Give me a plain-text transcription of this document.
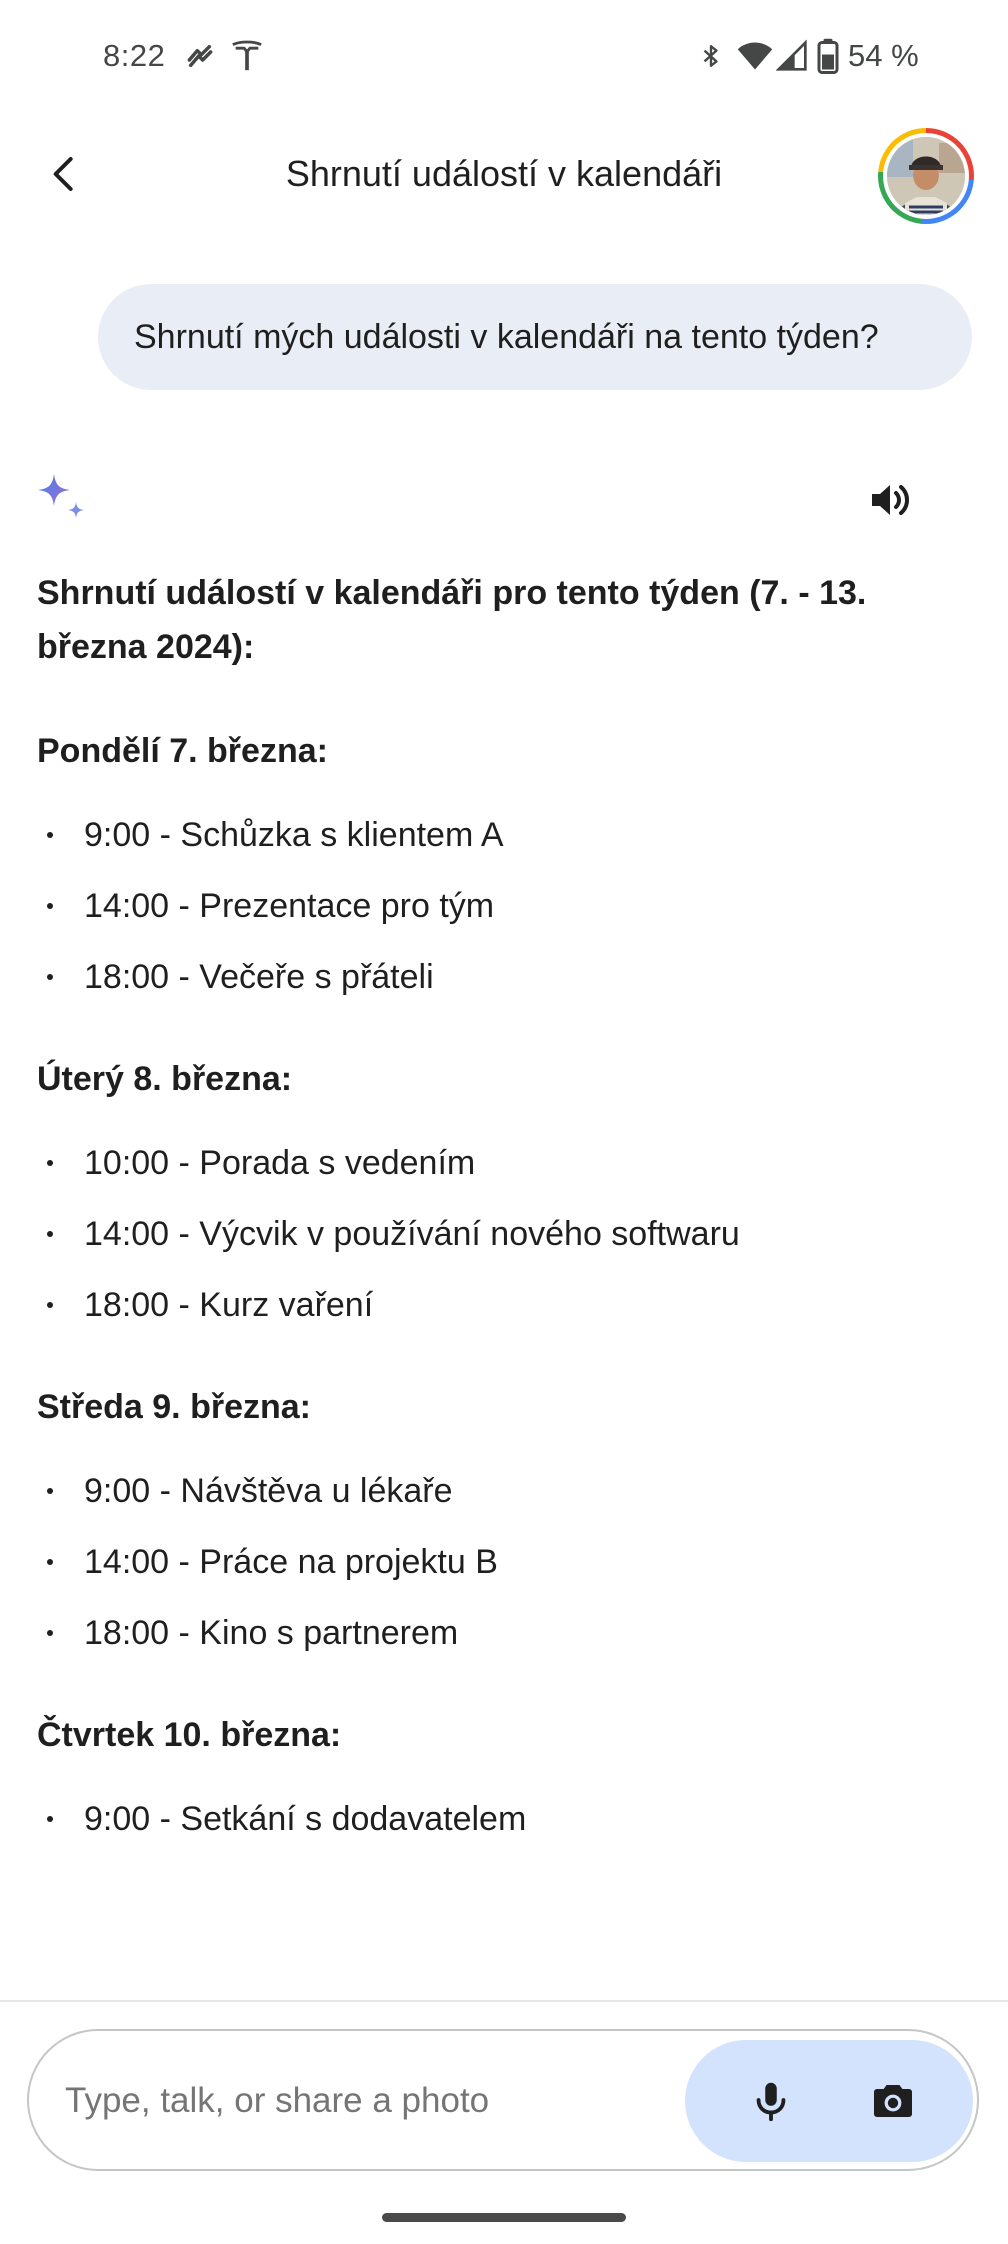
8:22	54 %
Shrnutí událostí v kalendáři
Shrnutí mých události v kalendáři na tento týden?

Shrnutí událostí v kalendáři pro tento týden (7. - 13. března 2024):

Pondělí 7. března:

9:00 - Schůzka s klientem A
14:00 - Prezentace pro tým
18:00 - Večeře s přáteli

Úterý 8. března:

10:00 - Porada s vedením
14:00 - Výcvik v používání nového softwaru
18:00 - Kurz vaření

Středa 9. března:

9:00 - Návštěva u lékaře
14:00 - Práce na projektu B
18:00 - Kino s partnerem

Čtvrtek 10. března:

9:00 - Setkání s dodavatelem
Type, talk, or share a photo
